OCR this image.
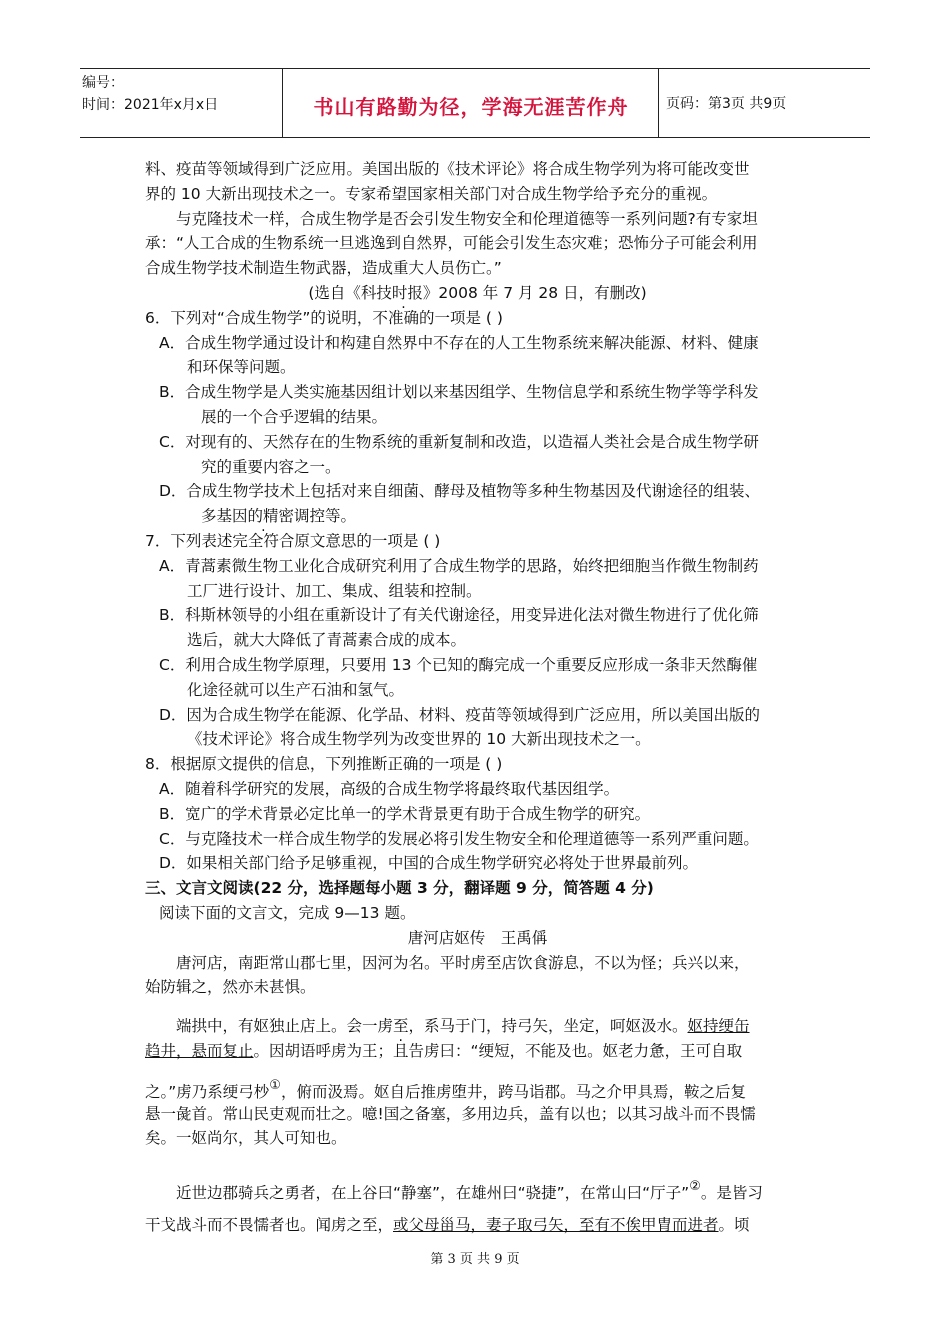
编号：
时间：2021年x月x日	书山有路勤为径，学海无涯苦作舟	页码：第3页 共9页
料、疫苗等领域得到广泛应用。美国出版的《技术评论》将合成生物学列为将可能改变世
界的 10 大新出现技术之一。专家希望国家相关部门对合成生物学给予充分的重视。
与克隆技术一样，合成生物学是否会引发生物安全和伦理道德等一系列问题?有专家坦
承：“人工合成的生物系统一旦逃逸到自然界，可能会引发生态灾难；恐怖分子可能会利用
合成生物学技术制造生物武器，造成重大人员伤亡。”
(选自《科技时报》2008 年 7 月 28 日，有删改)
6．下列对“合成生物学”的说明，不准确的一项是 ( )
A．合成生物学通过设计和构建自然界中不存在的人工生物系统来解决能源、材料、健康
和环保等问题。
B．合成生物学是人类实施基因组计划以来基因组学、生物信息学和系统生物学等学科发
展的一个合乎逻辑的结果。
C．对现有的、天然存在的生物系统的重新复制和改造，以造福人类社会是合成生物学研
究的重要内容之一。
D．合成生物学技术上包括对来自细菌、酵母及植物等多种生物基因及代谢途径的组装、
多基因的精密调控等。
7．下列表述完全符合原文意思的一项是 ( )
A．青蒿素微生物工业化合成研究利用了合成生物学的思路，始终把细胞当作微生物制药
工厂进行设计、加工、集成、组装和控制。
B．科斯林领导的小组在重新设计了有关代谢途径，用变异进化法对微生物进行了优化筛
选后，就大大降低了青蒿素合成的成本。
C．利用合成生物学原理，只要用 13 个已知的酶完成一个重要反应形成一条非天然酶催
化途径就可以生产石油和氢气。
D．因为合成生物学在能源、化学品、材料、疫苗等领域得到广泛应用，所以美国出版的
《技术评论》将合成生物学列为改变世界的 10 大新出现技术之一。
8．根据原文提供的信息，下列推断正确的一项是 ( )
A．随着科学研究的发展，高级的合成生物学将最终取代基因组学。
B．宽广的学术背景必定比单一的学术背景更有助于合成生物学的研究。
C．与克隆技术一样合成生物学的发展必将引发生物安全和伦理道德等一系列严重问题。
D．如果相关部门给予足够重视，中国的合成生物学研究必将处于世界最前列。
三、文言文阅读(22 分，选择题每小题 3 分，翻译题 9 分，简答题 4 分)
阅读下面的文言文，完成 9—13 题。
唐河店妪传　王禹偁
唐河店，南距常山郡七里，因河为名。平时虏至店饮食游息，不以为怪；兵兴以来，
始防辑之，然亦未甚惧。
端拱中，有妪独止店上。会一虏至，系马于门，持弓矢，坐定，呵妪汲水。妪持绠缶
趋井，悬而复止。因胡语呼虏为王；且告虏曰：“绠短，不能及也。妪老力惫，王可自取
之。”虏乃系绠弓杪①，俯而汲焉。妪自后推虏堕井，跨马诣郡。马之介甲具焉，鞍之后复
悬一彘首。常山民吏观而壮之。噫!国之备塞，多用边兵，盖有以也；以其习战斗而不畏懦
矣。一妪尚尔，其人可知也。
近世边郡骑兵之 ·勇者，在上谷曰“静塞”，在雄州曰“骁捷”，在常山曰“厅子”②。是皆习
干戈战斗而不畏懦者也。闻虏之至，或父母甾马，妻子取弓矢，至有不俟甲胄而进者。顷
第 3 页 共 9 页
